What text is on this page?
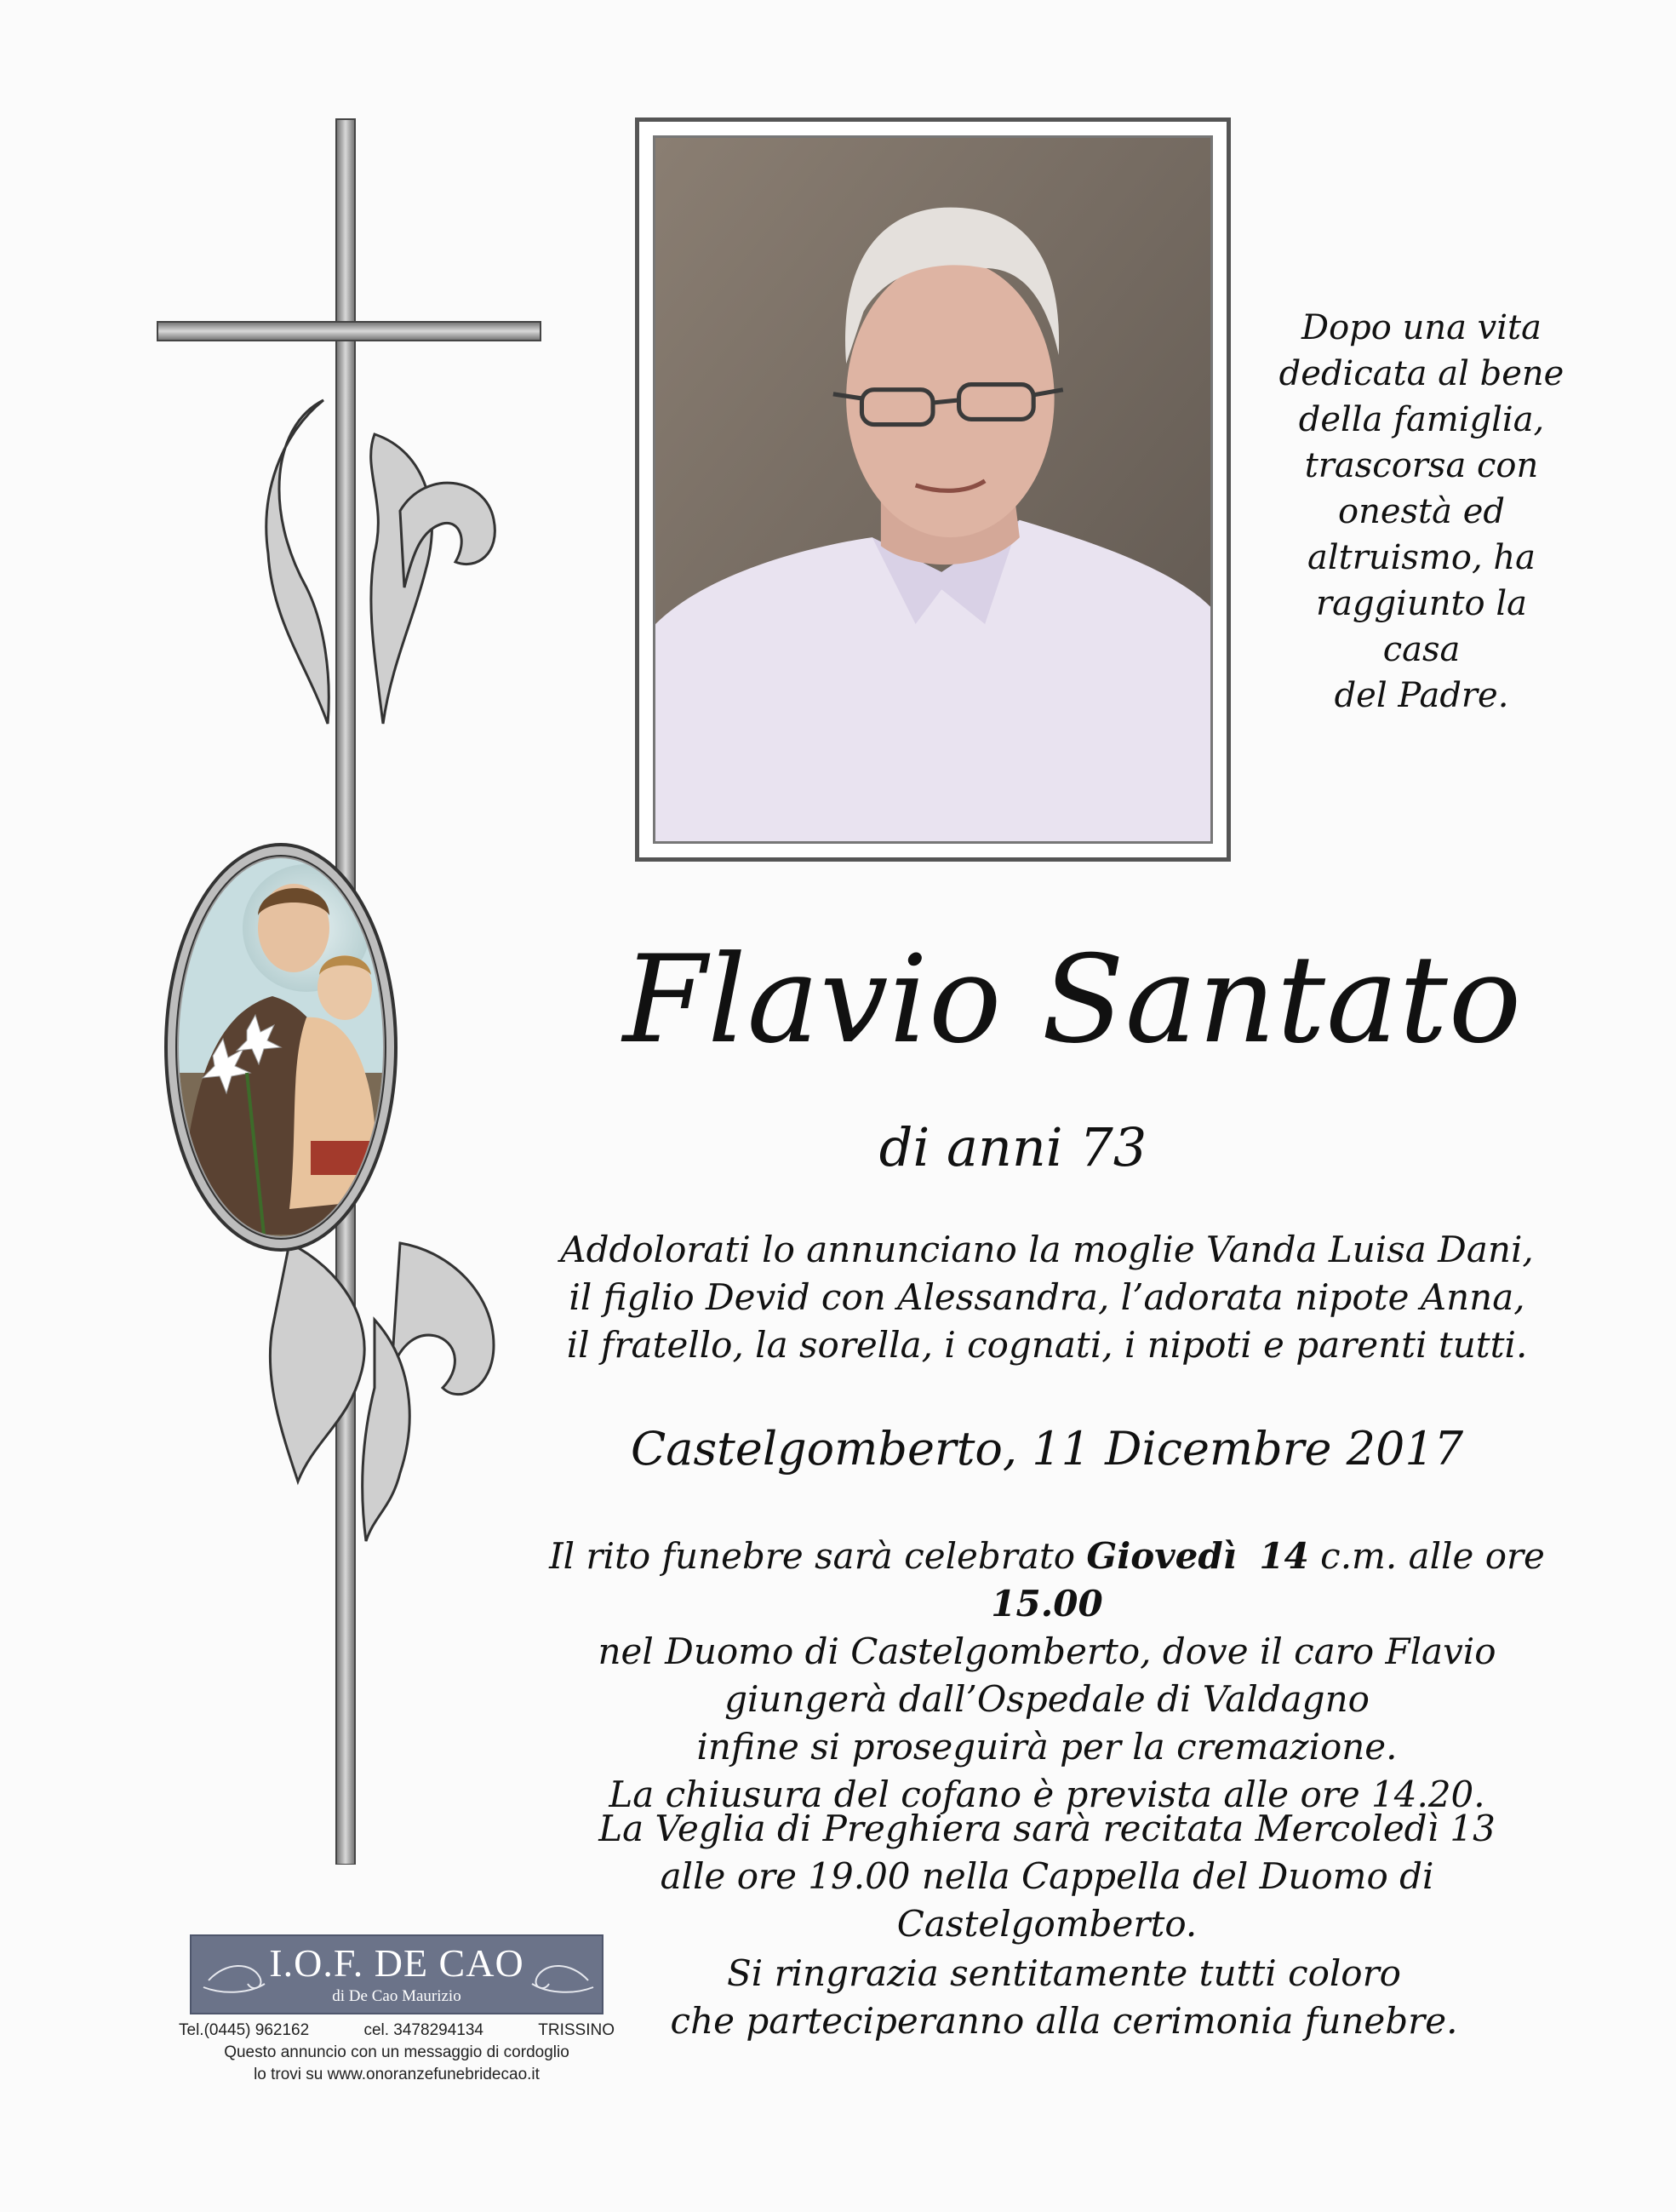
Dopo una vita

dedicata al bene

della famiglia,

trascorsa con

onestà ed

altruismo, ha

raggiunto la casa

del Padre.

Flavio Santato
di anni 73

Addolorati lo annunciano la moglie Vanda Luisa Dani,

il figlio Devid con Alessandra, l’adorata nipote Anna,

il fratello, la sorella, i cognati, i nipoti e parenti tutti.

Castelgomberto, 11 Dicembre 2017

Il rito funebre sarà celebrato Giovedì 14 c.m. alle ore 15.00

nel Duomo di Castelgomberto, dove il caro Flavio

giungerà dall’Ospedale di Valdagno

infine si proseguirà per la cremazione.

La chiusura del cofano è prevista alle ore 14.20.

La Veglia di Preghiera sarà recitata Mercoledì 13

alle ore 19.00 nella Cappella del Duomo di Castelgomberto.

Si ringrazia sentitamente tutti coloro

che parteciperanno alla cerimonia funebre.

I.O.F. DE CAO
di De Cao Maurizio
Tel.(0445) 962162	cel. 3478294134	TRISSINO

Questo annuncio con un messaggio di cordoglio

lo trovi su www.onoranzefunebridecao.it
